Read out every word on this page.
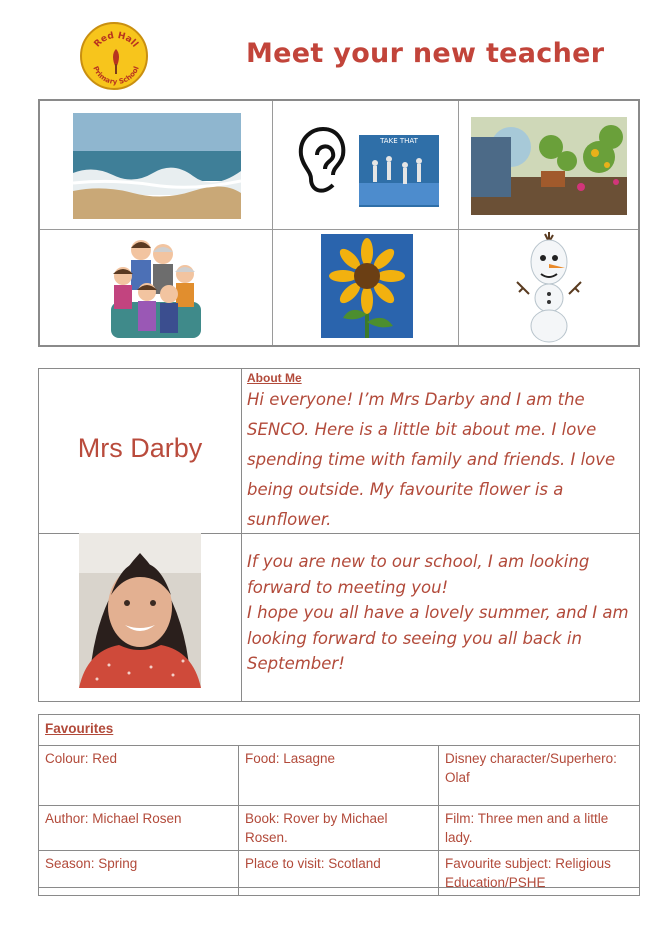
Red Hall
Primary School	Meet your new teacher
TAKE THAT
Mrs Darby
About Me
Hi everyone! I’m Mrs Darby and I am the
SENCO. Here is a little bit about me. I love
spending time with family and friends. I love
being outside. My favourite flower is a
sunflower.
If you are new to our school, I am looking
forward to meeting you!
I hope you all have a lovely summer, and I am
looking forward to seeing you all back in
September!
Favourites
Colour: Red	Food: Lasagne	Disney character/Superhero: Olaf
Author: Michael Rosen	Book: Rover by Michael Rosen.	Film: Three men and a little lady.
Season: Spring	Place to visit: Scotland	Favourite subject: Religious Education/PSHE
